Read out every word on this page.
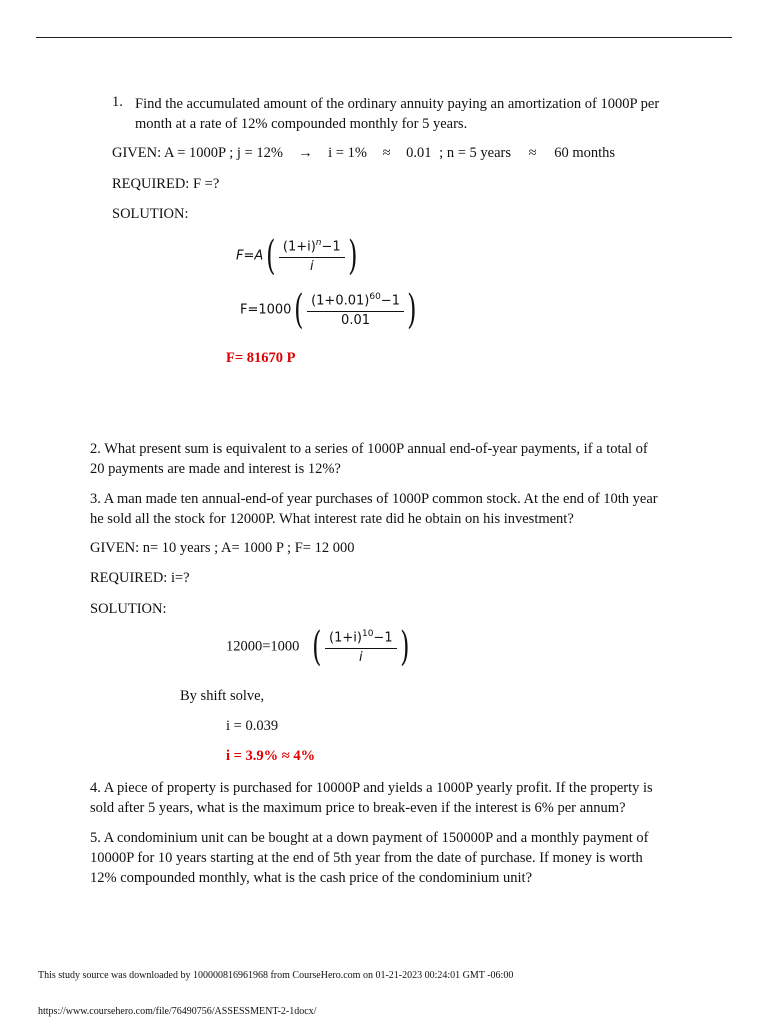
1. Find the accumulated amount of the ordinary annuity paying an amortization of 1000P per
month at a rate of 12% compounded monthly for 5 years.
GIVEN: A = 1000P ; j = 12% → i = 1% ≈ 0.01 ; n = 5 years ≈ 60 months
REQUIRED: F =?
SOLUTION:
$F=A( \frac{(1+i)^n-1}{i}$ )
$F=1000( \frac{(1+0.01)^{60}-1}{0.01}$ )
F= 81670 P
2. What present sum is equivalent to a series of 1000P annual end-of-year payments, if a total of
20 payments are made and interest is 12%?
3. A man made ten annual-end-of year purchases of 1000P common stock. At the end of 10th year
he sold all the stock for 12000P. What interest rate did he obtain on his investment?
GIVEN: n= 10 years ; A= 1000 P ; F= 12 000
REQUIRED: i=?
SOLUTION:
12000=1000 ( $\frac{(1+i)^{10}-1}{i}$ )
By shift solve,
i = 0.039
i = 3.9% ≈ 4%
4. A piece of property is purchased for 10000P and yields a 1000P yearly profit. If the property is
sold after 5 years, what is the maximum price to break-even if the interest is 6% per annum?
5. A condominium unit can be bought at a down payment of 150000P and a monthly payment of
10000P for 10 years starting at the end of 5th year from the date of purchase. If money is worth
12% compounded monthly, what is the cash price of the condominium unit?
This study source was downloaded by 100000816961968 from CourseHero.com on 01-21-2023 00:24:01 GMT -06:00
https://www.coursehero.com/file/76490756/ASSESSMENT-2-1docx/
